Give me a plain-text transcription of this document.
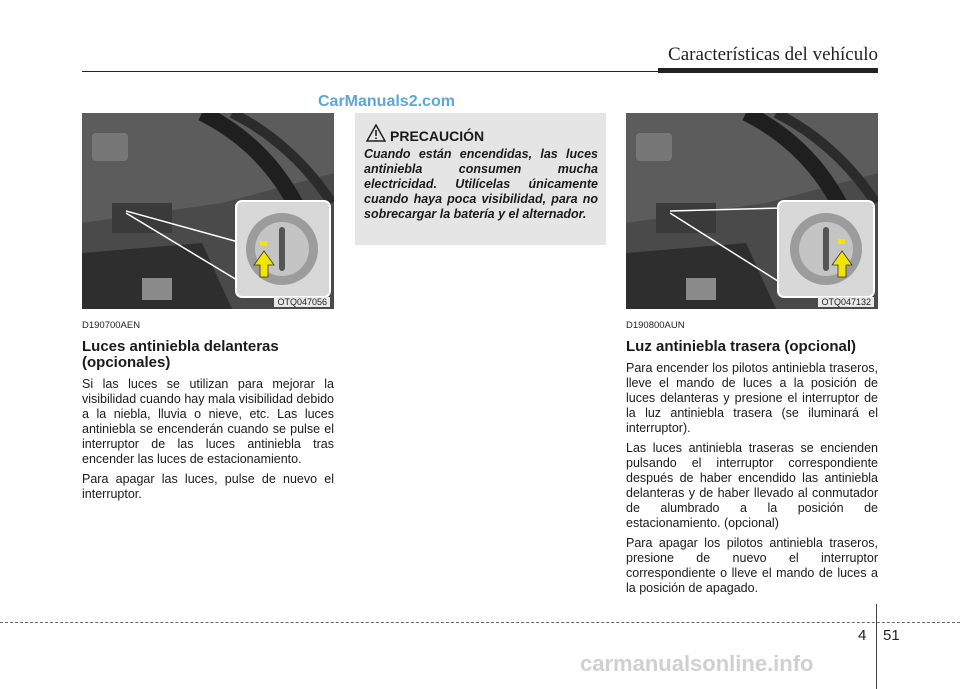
Características del vehículo
CarManuals2.com
OTQ047056
PRECAUCIÓN
Cuando están encendidas, las luces antiniebla consumen mucha electricidad. Utilícelas únicamente cuando haya poca visibilidad, para no sobrecargar la batería y el alternador.
OTQ047132
D190700AEN
Luces antiniebla delanteras (opcionales)

Si las luces se utilizan para mejorar la visibilidad cuando hay mala visibilidad debido a la niebla, lluvia o nieve, etc. Las luces antiniebla se encenderán cuando se pulse el interruptor de las luces antiniebla tras encender las luces de estacionamiento.

Para apagar las luces, pulse de nuevo el interruptor.

D190800AUN
Luz antiniebla trasera (opcional)

Para encender los pilotos antiniebla traseros, lleve el mando de luces a la posición de luces delanteras y presione el interruptor de la luz antiniebla trasera (se iluminará el interruptor).

Las luces antiniebla traseras se encienden pulsando el interruptor correspondiente después de haber encendido las antiniebla delanteras y de haber llevado al conmutador de alumbrado a la posición de estacionamiento. (opcional)

Para apagar los pilotos antiniebla traseros, presione de nuevo el interruptor correspondiente o lleve el mando de luces a la posición de apagado.

4 51
carmanualsonline.info
